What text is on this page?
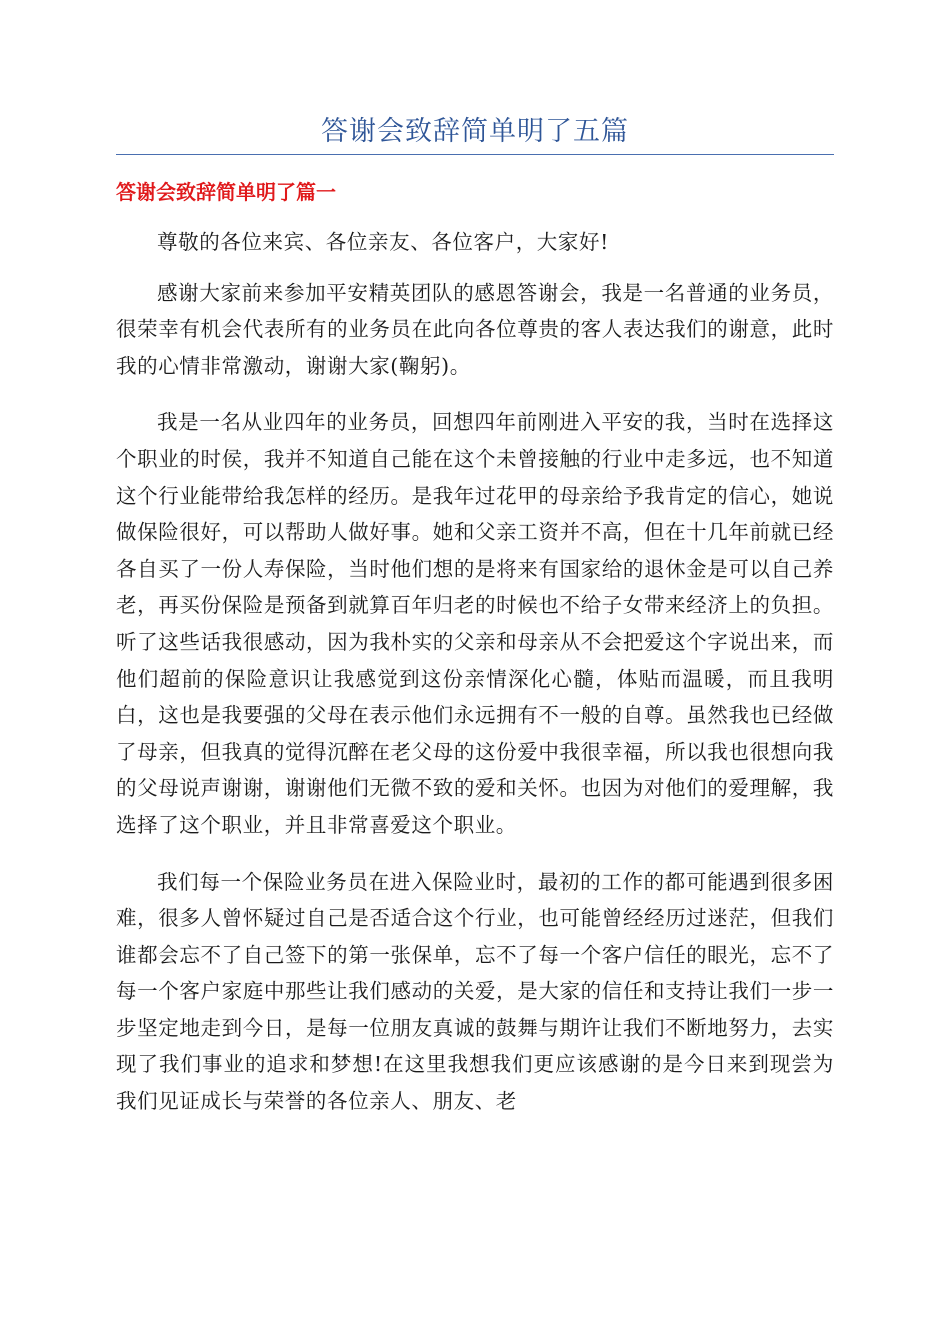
答谢会致辞简单明了五篇
答谢会致辞简单明了篇一

尊敬的各位来宾、各位亲友、各位客户，大家好!

感谢大家前来参加平安精英团队的感恩答谢会，我是一名普通的业务员，很荣幸有机会代表所有的业务员在此向各位尊贵的客人表达我们的谢意，此时我的心情非常激动，谢谢大家(鞠躬)。

我是一名从业四年的业务员，回想四年前刚进入平安的我，当时在选择这个职业的时侯，我并不知道自己能在这个未曾接触的行业中走多远，也不知道这个行业能带给我怎样的经历。是我年过花甲的母亲给予我肯定的信心，她说做保险很好，可以帮助人做好事。她和父亲工资并不高，但在十几年前就已经各自买了一份人寿保险，当时他们想的是将来有国家给的退休金是可以自己养老，再买份保险是预备到就算百年归老的时候也不给子女带来经济上的负担。听了这些话我很感动，因为我朴实的父亲和母亲从不会把爱这个字说出来，而他们超前的保险意识让我感觉到这份亲情深化心髓，体贴而温暖，而且我明白，这也是我要强的父母在表示他们永远拥有不一般的自尊。虽然我也已经做了母亲，但我真的觉得沉醉在老父母的这份爱中我很幸福，所以我也很想向我的父母说声谢谢，谢谢他们无微不致的爱和关怀。也因为对他们的爱理解，我选择了这个职业，并且非常喜爱这个职业。

我们每一个保险业务员在进入保险业时，最初的工作的都可能遇到很多困难，很多人曾怀疑过自己是否适合这个行业，也可能曾经经历过迷茫，但我们谁都会忘不了自己签下的第一张保单，忘不了每一个客户信任的眼光，忘不了每一个客户家庭中那些让我们感动的关爱，是大家的信任和支持让我们一步一步坚定地走到今日，是每一位朋友真诚的鼓舞与期许让我们不断地努力，去实现了我们事业的追求和梦想!在这里我想我们更应该感谢的是今日来到现尝为我们见证成长与荣誉的各位亲人、朋友、老
